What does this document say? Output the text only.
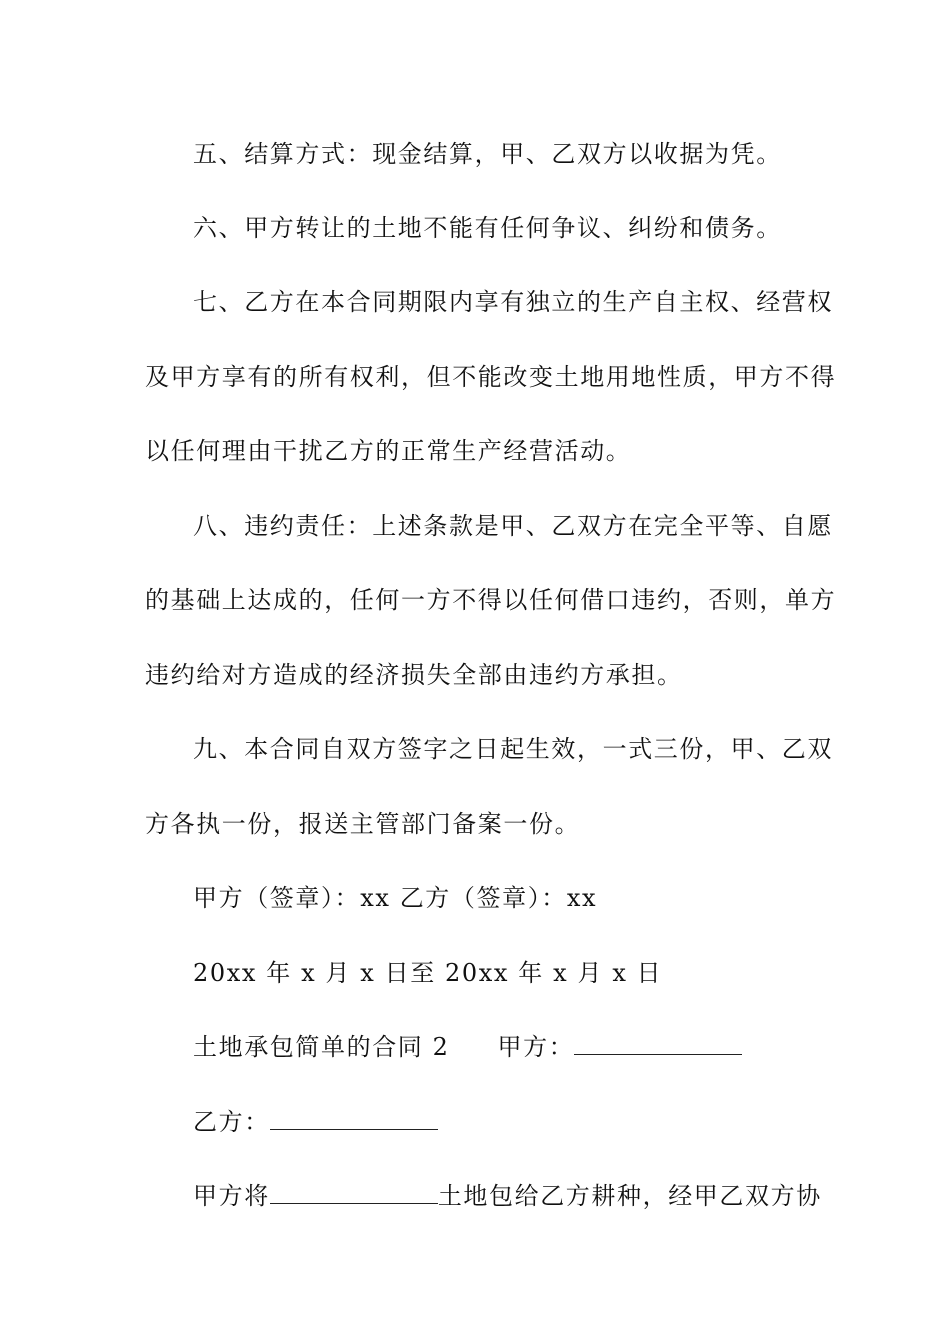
五、结算方式：现金结算，甲、乙双方以收据为凭。
六、甲方转让的土地不能有任何争议、纠纷和债务。
七、乙方在本合同期限内享有独立的生产自主权、经营权
及甲方享有的所有权利，但不能改变土地用地性质，甲方不得
以任何理由干扰乙方的正常生产经营活动。
八、违约责任：上述条款是甲、乙双方在完全平等、自愿
的基础上达成的，任何一方不得以任何借口违约，否则，单方
违约给对方造成的经济损失全部由违约方承担。
九、本合同自双方签字之日起生效，一式三份，甲、乙双
方各执一份，报送主管部门备案一份。
甲方（签章）：xx 乙方（签章）：xx
20xx 年 x 月 x 日至 20xx 年 x 月 x 日
土地承包简单的合同 2 甲方：
乙方：
甲方将	土地包给乙方耕种，经甲乙双方协
